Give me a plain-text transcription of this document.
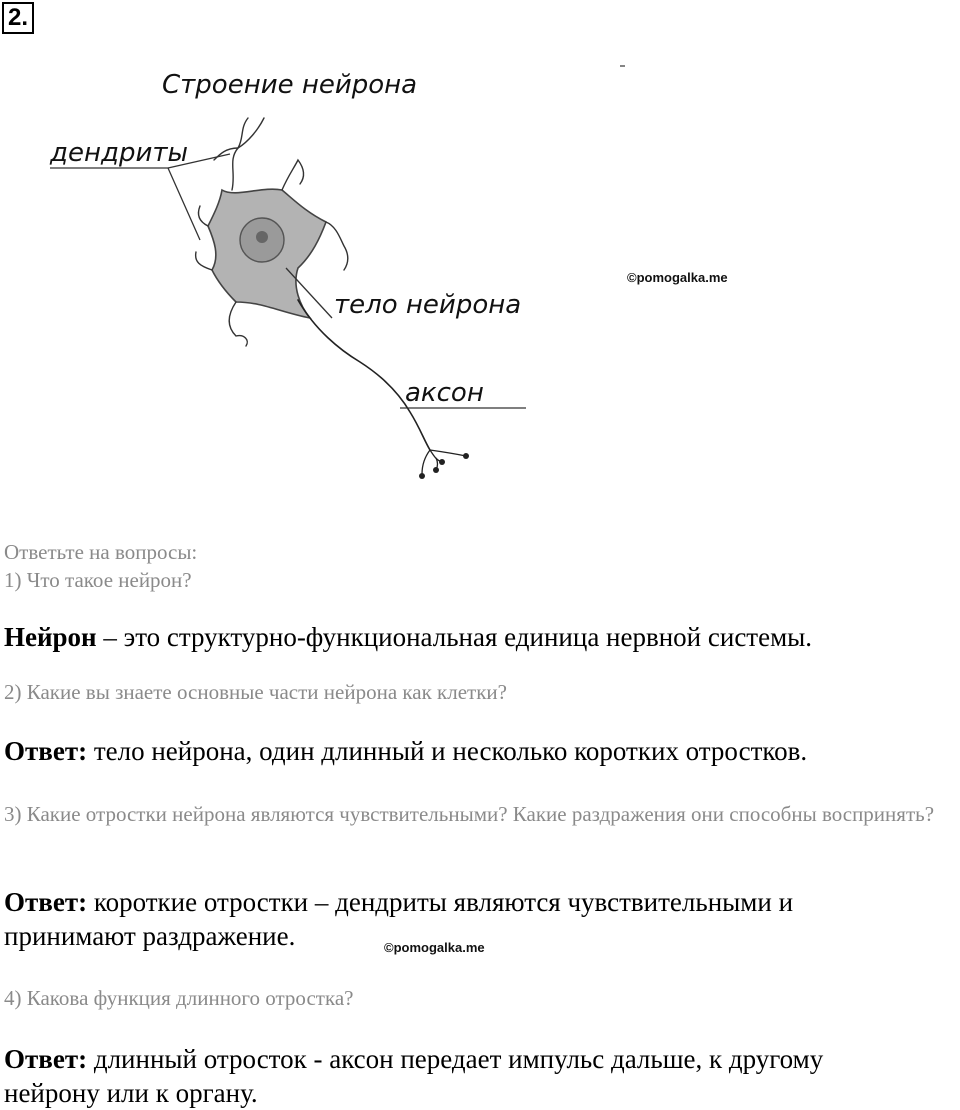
2.
Строение нейрона
дендриты
тело нейрона
аксон
©pomogalka.me

Ответьте на вопросы:

1) Что такое нейрон?

Нейрон – это структурно-функциональная единица нервной системы.

2) Какие вы знаете основные части нейрона как клетки?

Ответ: тело нейрона, один длинный и несколько коротких отростков.

3) Какие отростки нейрона являются чувствительными? Какие раздражения они способны воспринять?

Ответ: короткие отростки – дендриты являются чувствительными и принимают раздражение.	©pomogalka.me

4) Какова функция длинного отростка?

Ответ: длинный отросток - аксон передает импульс дальше, к другому нейрону или к органу.
